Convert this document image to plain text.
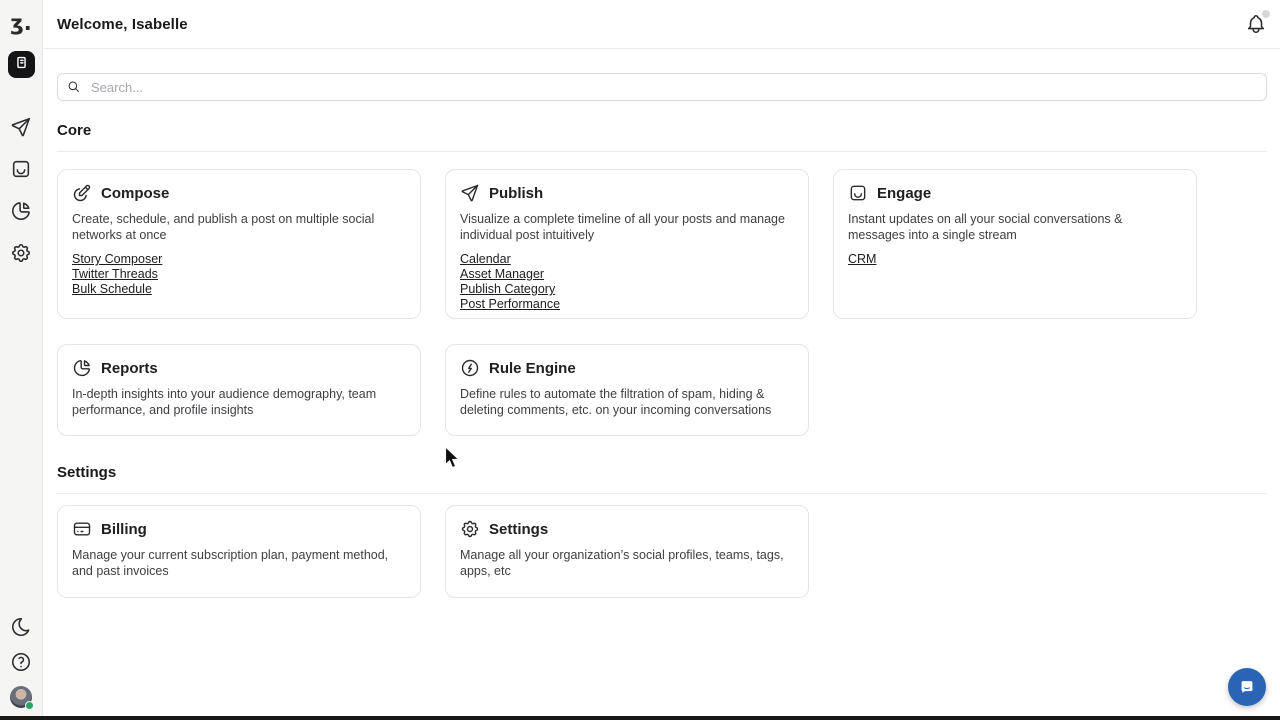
ʒ. Welcome, Isabelle
Search...
Core
Compose
Create, schedule, and publish a post on multiple social networks at once
Story Composer
Twitter Threads
Bulk Schedule
Publish
Visualize a complete timeline of all your posts and manage individual post intuitively
Calendar
Asset Manager
Publish Category
Post Performance
Engage
Instant updates on all your social conversations & messages into a single stream
CRM
Reports
In-depth insights into your audience demography, team performance, and profile insights
Rule Engine
Define rules to automate the filtration of spam, hiding & deleting comments, etc. on your incoming conversations
Settings
Billing
Manage your current subscription plan, payment method, and past invoices
Settings
Manage all your organization’s social profiles, teams, tags, apps, etc
